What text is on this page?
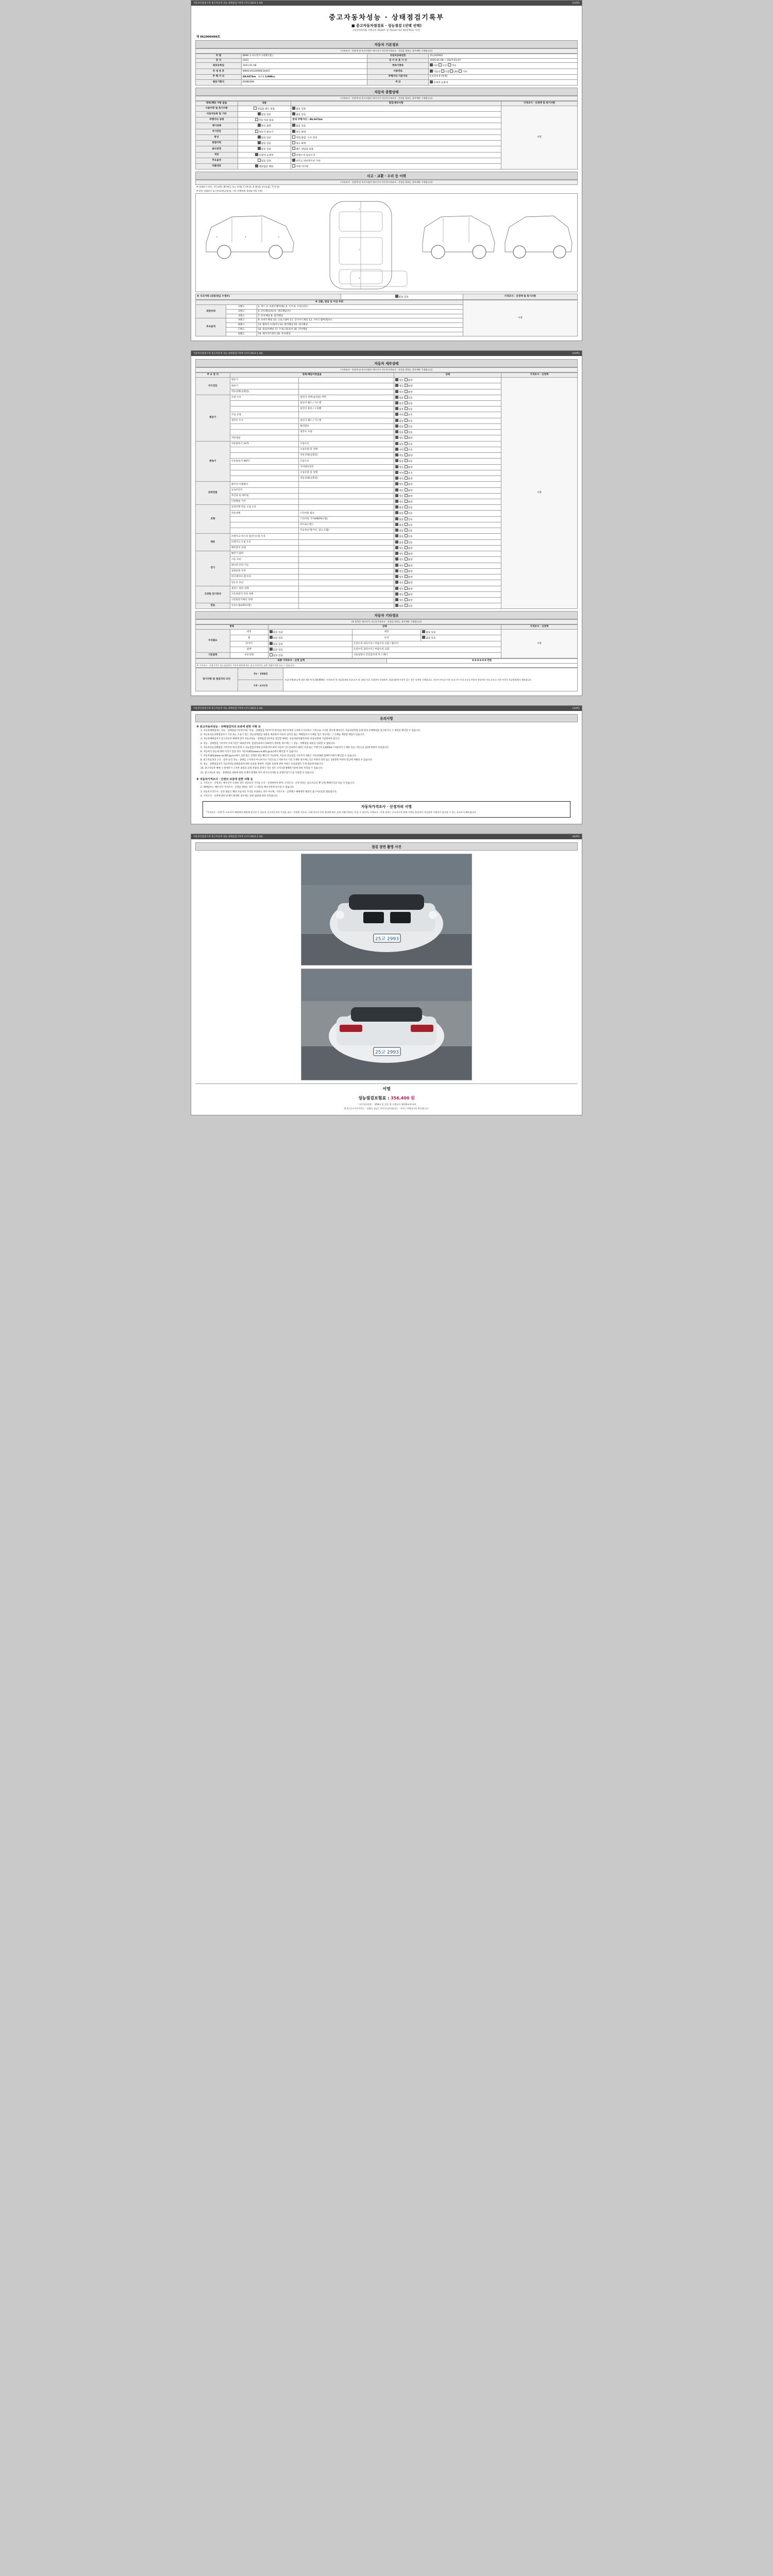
자동차인증중고차 중고자동차 성능·상태점검기록부 (서식 2021-1-16)	(1/4쪽)
중고자동차성능 · 상태점검기록부
■ 중고자동차점검표 · 성능점검 (선택 선택)
[자동차관리법 시행규칙 제120조 및 제134조의2 제1항제1호 서식]
제 962000499호
자동차 기본정보
(가격조사 · 산정액 및 특기사항은 매수인이 자동차가격조사 · 산정을 원하는 경우에만 기재합니다)
차 명	BMW 뉴 6시리즈 (세제모델 )	자동차등록번호	25교02993
연 식	2021	검 사 유 효 기 간	2025-01-08 ~ 2027-01-07
최초등록일	2021-01-08	변속기종류	자동 수동 기타
차 대 번 호	WBACV610XM6E34407	사용연료	가솔린 디젤 LPG 기타
주 행 거 리	49,667km 배기량 2,998cc	주행거리 기준거리	0 0 0 0 0 (현재)
원동기형식	B58B30M	색 상	무채색 유채색
자동차 종합상태
(가격조사 · 산정액 및 특기사항은 매수인이 자동차가격조사 · 산정을 원하는 경우에만 기재합니다)
항목/해당 사항 없음	내용	점검/세부사항	가격조사 · 산정액 및 특기사항
사용이력 및 특기사항	영업용 렌트 관용	없음 있음	서명
자동차등록 및 기타	없음 있음	없음 있음	
주행거리 상태	적음 보통 많음	현재 주행거리 : 49,667km	
계기상태	양호 불량	없음 있음	
자기진단	원동기 변속기	양호 불량	
튜닝	없음 있음	적법 불법 구조 장치	
특별이력	없음 있음	침수 화재	
용도변경	없음 있음	렌트 영업용 관용	
색상	무채색 유채색	전체도색 일부도색	
주요옵션	없음 있음	선루프 내비게이션 기타	
리콜대상	해당없음 해당	이행 미이행	
사고 · 교환 · 수리 등 이력
(가격조사 · 산정액 및 특기사항은 매수인이 자동차가격조사 · 산정을 원하는 경우에만 기재합니다)
※ 상태표시 부호 : X (교환), W (판금 또는 용접), C (부식), A (흠집), U (요철), T (손상)
※ 하단 상태표시 표시부호(판금/용접, 기타 차체차량 상태표시에 기재)
4	3	2
1
7
4
※ 사고이력 (외판/판금 수정부)	없음 있음	가격조사 · 산정액 및 특기사항
※ 교환, 판금 등 이상 부위			서명
외판부위	1랭크	1. 후드 2. 프론트휀더(좌) 3. 도어 4. 트렁크리드	
	2랭크	5. (우)패널(좌) 6. 쿼터패널(우)	
	3랭크	7. 루프패널 8. 필러패널	
주요골격	A랭크	9. 프론트패널 10. 크로스멤버 11. 인사이드패널 12. 사이드멤버(좌/우)	
	B랭크	13. 휠하우스(좌/우) 14. 필러패널 15. 대시패널	
	C랭크	16. 플로어패널 17. 트렁크플로어 18. 리어패널	
	D랭크	19. 패키지트레이 20. 루프레일	
자동차인증중고차 중고자동차 성능·상태점검기록부 (서식 2021-1-16)	(2/4쪽)
자동차 세부상태
(가격조사 · 산정액 및 특기사항은 매수인이 자동차가격조사 · 산정을 원하는 경우에만 기재합니다)
주 요 장 치	항목/해당사항없음		상태	가격조사 · 산정액
자기진단	원동기		양호 불량	서명
	변속기		양호 불량	
	작동상태(공회전)		양호 불량	
원동기	오일 누유	실린더 커버(로커암) 커버	없음 있음	
		실린더 헤드 / 가스켓	없음 있음	
		실린더 블록 / 오일팬	없음 있음	
	오일 유량		적정 부족	
	냉각수 누수	실린더 헤드 / 가스켓	없음 있음	
		워터펌프	없음 있음	
		냉각수 수량	없음 있음	
	커먼레일		양호 불량	
변속기	자동변속기 (A/T)	오일누유	없음 있음	
		오일유량 및 상태	적정 부족	
		작동상태(공회전)	양호 불량	
	수동변속기 (M/T)	오일누유	없음 있음	
		기어변속장치	양호 불량	
		오일유량 및 상태	적정 부족	
		작동상태(공회전)	양호 불량	
동력전달	클러치 어셈블리		양호 불량	
	등속조인트		양호 불량	
	추진축 및 베어링		양호 불량	
	디퍼렌셜 기어		양호 불량	
조향	동력조향 작동 오일 누유		없음 있음	
	작동상태	스티어링 펌프	없음 있음	
		스티어링 기어(MDPS포함)	없음 있음	
		타이로드엔드	없음 있음	
		주요부(조향기어, 링크 포함)	없음 있음	
제동	브레이크 마스터 실린더오일 누유		없음 있음	
	브레이크 오일 누유		없음 있음	
	배력장치 상태		양호 불량	
전기	발전기 출력		양호 불량	
	시동 모터		양호 불량	
	와이퍼 모터 기능		양호 불량	
	실내송풍 모터		양호 불량	
	라디에이터 팬 모터		양호 불량	
	윈도우 모터		양호 불량	
고전원 전기장치	충전구 절연 상태		양호 불량	
	구동축전지 격리 상태		양호 불량	
	고전원전기배선 상태		양호 불량	
연료	연료누출(LPG포함)		없음 있음	
자동차 기타정보
(※ 항목은 매수인이 자동차가격조사 · 산정을 원하는 경우에만 기재합니다)
항목		상태			가격조사 · 산정액
수리필요	외장	없음 있음	내장	없음 있음	서명
	휠	없음 있음	유리	없음 있음	
	타이어	없음 있음	온전수리 과다수리 / 부품수리 교환 / 휠수리		
	광택	없음 있음	온전수리 과다수리 / 부품수리 교환		
기본품목	보유상태	없음 있음	사용설명서 안전삼각대 잭 스패너		
최종 가격조사 · 산정 금액	0 0 0 0 0 0 만원
※ 가격조사 · 산정가격은 성능점검자의 주관적 판단에 따른 참고가격이며, 실제 거래가격과 다를 수 있습니다.
특기사항 및 점검자의 조언	성능 · 상태점검	보증(이행)보증에 대한 제한·안내 (20,000만, 가격/조사 및 점검결과와 보증(고지 및 설명) 등을 포함하여 작성하며, 점검내용에 이상이 있는 경우 상세히 기재합니다. 자동차 인도일 이후 보증기간 이내 소모성 부품의 정상적인 마모 등으로 인한 부분은 보증범위에서 제외됩니다.
가격 · 조사산정
자동차인증중고차 중고자동차 성능·상태점검기록부 (서식 2021-1-16)	(3/4쪽)
유의사항
※ 중고자동차성능 · 상태점검자의 보증에 관한 사항 등
1. 자동차매매업자는 성능 · 상태점검기록부(이하 "성능 · 상태점검기록부"라 한다)를 매수인에게 고지하지 아니하고 거짓으로 고지할 경우에 매수인은 자동차관리법 등에 따라 손해배상을 청구하거나 그 계약을 해지할 수 있습니다.
2. 자동차성능상태점검자가 거짓 또는 오류가 있는 성능상태점검 내용을 제공하여 이용자 상호간 또는 매매업자가 손해를 입은 경우에는 그 손해를 배상할 책임이 있습니다.
3. 자동차매매업자가 중고자동차 매매에 있어 자동차성능 · 상태점검기록부를 발급할 때에는 자동차관리법에 따라 보증보험에 가입하여야 합니다.
4. 성능 · 상태점검 기록부의 유효기간은 120일이며, 점검일로부터 120일이 경과한 경우에는 그 성능 · 상태점검 내용을 신뢰할 수 없습니다.
5. 자동차성능상태점검 기록부의 하자 발생 시 성능점검자에게 통보하여야 하며 자동차 인도일로부터 30일 이내 또는 주행거리 2,000km 이내(먼저 도래한 것을 기준으로 함)에 한하여 보증합니다.
6. 자동차의 성능에 대한 이의가 있을 경우 자동차365(www.car365.go.kr)에서 확인할 수 있습니다.
7. 자동차365(www.car365.go.kr)에서 교환 또는 일체의 변동 확인이 가능하며, 자동차 성능점검 기록부의 내용은 자동차365 홈페이지에서 확인할 수 있습니다.
8. 중고자동차의 구조 · 장치 등의 성능 · 상태를 고지하지 아니하거나 거짓으로 고지하거나 거짓 기재한 경우에는 1년 이하의 징역 또는 1천만원 이하의 벌금에 처해질 수 있습니다.
9. 성능 · 상태점검자가 자동차성능상태점검에 대한 보증을 위하여 가입한 보험에 관한 사항은 보험증권의 기재 내용에 따릅니다.
10. 중고자동차 매매 시 판매자가 고지한 내용과 실제 차량의 상태가 다른 경우 소비자분쟁해결기준에 따라 처리할 수 있습니다.
11. 중고자동차 성능 · 상태점검 내용에 관한 분쟁이 발생한 경우 한국소비자원 등 분쟁조정기구를 이용할 수 있습니다.
※ 자동차가격조사 · 산정의 보증에 관한 사항 등
1. 가격조사 · 산정자는 매수인이 요청한 경우 자동차의 가격을 조사 · 산정하여야 하며, 가격조사 · 산정 결과는 참고자료일 뿐 실제 매매가격과 다를 수 있습니다.
2. 매매업자는 매수인이 가격조사 · 산정을 원하는 경우 그 비용을 매수인에게 청구할 수 있습니다.
3. 자동차가격조사 · 산정 내용은 해당 자동차의 가격을 보증하는 것이 아니며, 가격조사 · 산정액은 매매계약 체결의 참고자료로만 활용됩니다.
4. 가격조사 · 산정에 관한 분쟁이 발생한 경우에는 관련 법령에 따라 처리합니다.
자동차가격조사 · 산정자의 서명
"가격조사 · 산정"은 소비자가 매매계약 체결에 참고할 수 있도록 중고자동차의 가격을 조사 · 산정한 것으로, 거래 당사자 간의 합의에 따른 실제 거래가격과는 다를 수 있으며, 가격조사 · 산정 결과는 중고자동차 판매 가격을 보증하지 아니하며 구매자가 참고할 수 있는 자료로서 활용됩니다.
자동차인증중고차 중고자동차 성능·상태점검기록부 (서식 2021-1-16)	(4/4쪽)
점검 장면 촬영 사진
25교 2993
25교 2993
서명
성능점검보험료 : 356,400 원
「자동차관리법」 제58조 및 같은 법 시행규칙 제120조에 따라
[1-1] 중고자동차성능 · 상태를 점검 ( )자동차검사원(성능 · 산정 ) 이행검사를 확인합니다.
